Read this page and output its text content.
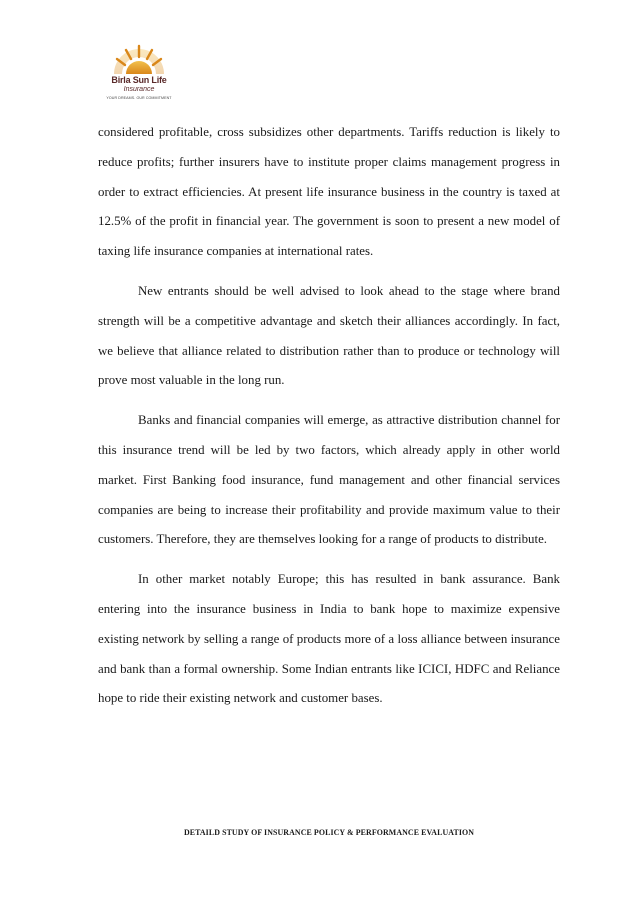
Birla Sun Life
Insurance
YOUR DREAMS. OUR COMMITMENT

considered profitable, cross subsidizes other departments. Tariffs reduction is likely to reduce profits; further insurers have to institute proper claims management progress in order to extract efficiencies. At present life insurance business in the country is taxed at 12.5% of the profit in financial year. The government is soon to present a new model of taxing life insurance companies at international rates.

New entrants should be well advised to look ahead to the stage where brand strength will be a competitive advantage and sketch their alliances accordingly. In fact, we believe that alliance related to distribution rather than to produce or technology will prove most valuable in the long run.

Banks and financial companies will emerge, as attractive distribution channel for this insurance trend will be led by two factors, which already apply in other world market. First Banking food insurance, fund management and other financial services companies are being to increase their profitability and provide maximum value to their customers. Therefore, they are themselves looking for a range of products to distribute.

In other market notably Europe; this has resulted in bank assurance. Bank entering into the insurance business in India to bank hope to maximize expensive existing network by selling a range of products more of a loss alliance between insurance and bank than a formal ownership. Some Indian entrants like ICICI, HDFC and Reliance hope to ride their existing network and customer bases.

DETAILD STUDY OF INSURANCE POLICY & PERFORMANCE EVALUATION
